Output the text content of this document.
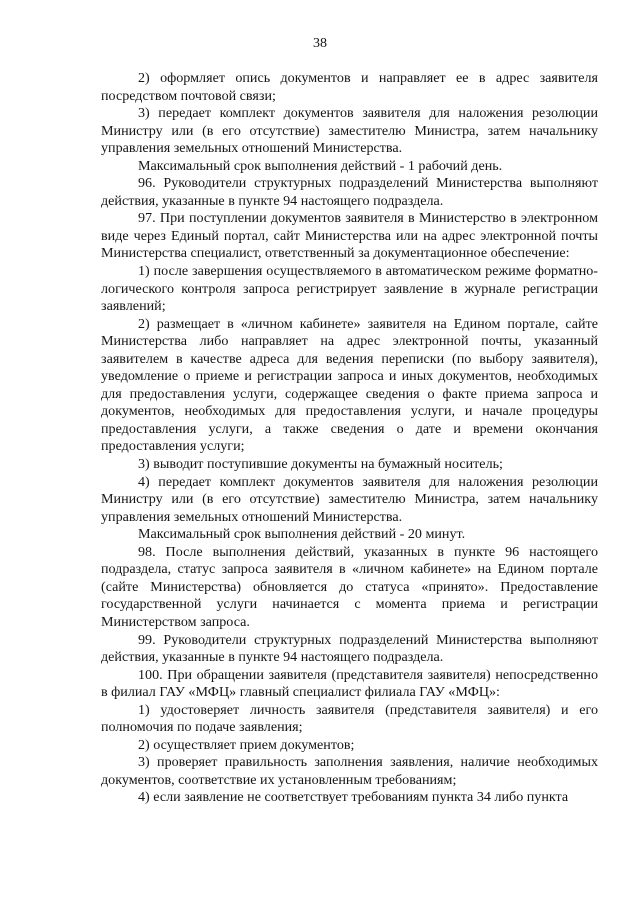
38

2) оформляет опись документов и направляет ее в адрес заявителя посредством почтовой связи;

3) передает комплект документов заявителя для наложения резолюции Министру или (в его отсутствие) заместителю Министра, затем начальнику управления земельных отношений Министерства.

Максимальный срок выполнения действий - 1 рабочий день.

96. Руководители структурных подразделений Министерства выполняют действия, указанные в пункте 94 настоящего подраздела.

97. При поступлении документов заявителя в Министерство в электронном виде через Единый портал, сайт Министерства или на адрес электронной почты Министерства специалист, ответственный за документационное обеспечение:

1) после завершения осуществляемого в автоматическом режиме форматно-логического контроля запроса регистрирует заявление в журнале регистрации заявлений;

2) размещает в «личном кабинете» заявителя на Едином портале, сайте Министерства либо направляет на адрес электронной почты, указанный заявителем в качестве адреса для ведения переписки (по выбору заявителя), уведомление о приеме и регистрации запроса и иных документов, необходимых для предоставления услуги, содержащее сведения о факте приема запроса и документов, необходимых для предоставления услуги, и начале процедуры предоставления услуги, а также сведения о дате и времени окончания предоставления услуги;

3) выводит поступившие документы на бумажный носитель;

4) передает комплект документов заявителя для наложения резолюции Министру или (в его отсутствие) заместителю Министра, затем начальнику управления земельных отношений Министерства.

Максимальный срок выполнения действий - 20 минут.

98. После выполнения действий, указанных в пункте 96 настоящего подраздела, статус запроса заявителя в «личном кабинете» на Едином портале (сайте Министерства) обновляется до статуса «принято». Предоставление государственной услуги начинается с момента приема и регистрации Министерством запроса.

99. Руководители структурных подразделений Министерства выполняют действия, указанные в пункте 94 настоящего подраздела.

100. При обращении заявителя (представителя заявителя) непосредственно в филиал ГАУ «МФЦ» главный специалист филиала ГАУ «МФЦ»:

1) удостоверяет личность заявителя (представителя заявителя) и его полномочия по подаче заявления;

2) осуществляет прием документов;

3) проверяет правильность заполнения заявления, наличие необходимых документов, соответствие их установленным требованиям;

4) если заявление не соответствует требованиям пункта 34 либо пункта
